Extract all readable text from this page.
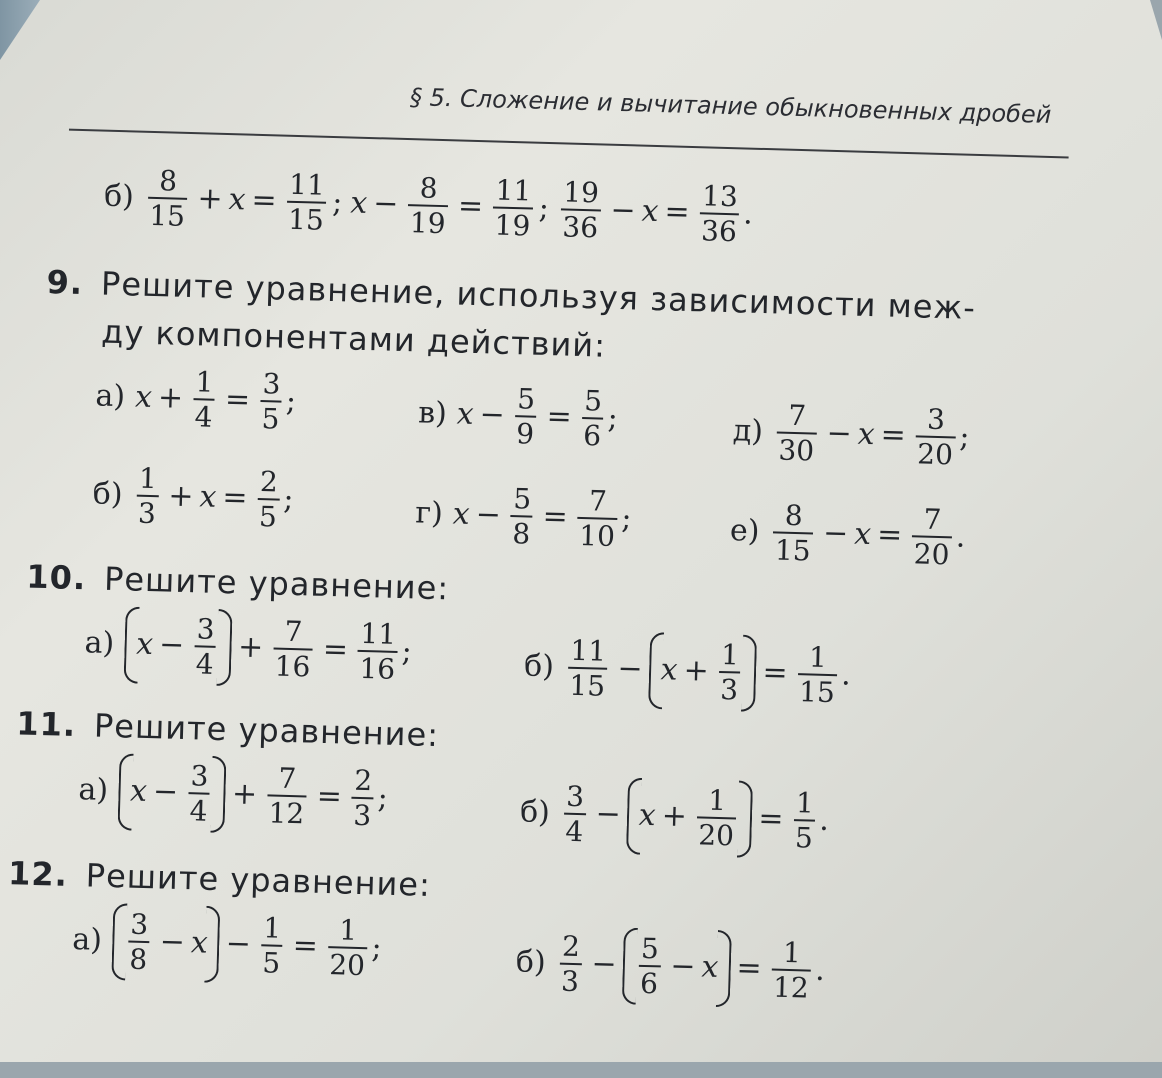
§ 5. Сложение и вычитание обыкновенных дробей
$б) \frac{8}{15} + x = \frac{11}{15}$ ; $x - \frac{8}{19} = \frac{11}{19}$ ; $\frac{19}{36} - x = \frac{13}{36}$ .
9. Решите уравнение, используя зависимости меж-
ду компонентами действий:
а) $x + \frac{1}{4} = \frac{3}{5}$ ;	в) $x - \frac{5}{9} = \frac{5}{6}$ ;	$д) \frac{7}{30} - x = \frac{3}{20}$ ;
$б) \frac{1}{3} + x = \frac{2}{5}$ ;	г) $x - \frac{5}{8} = \frac{7}{10}$ ;	$е) \frac{8}{15} - x = \frac{7}{20}$ .
10. Решите уравнение:
а) $x - \frac{3}{4} + \frac{7}{16} = \frac{11}{16}$ ;	$б) \frac{11}{15} - x + \frac{1}{3} = \frac{1}{15}$ .
11. Решите уравнение:
а) $x - \frac{3}{4} + \frac{7}{12} = \frac{2}{3}$ ;	$б) \frac{3}{4} - x + \frac{1}{20} = \frac{1}{5}$ .
12. Решите уравнение:
$а) \frac{3}{8} - x - \frac{1}{5} = \frac{1}{20}$ ;	$б) \frac{2}{3} - \frac{5}{6} - x = \frac{1}{12}$ .
